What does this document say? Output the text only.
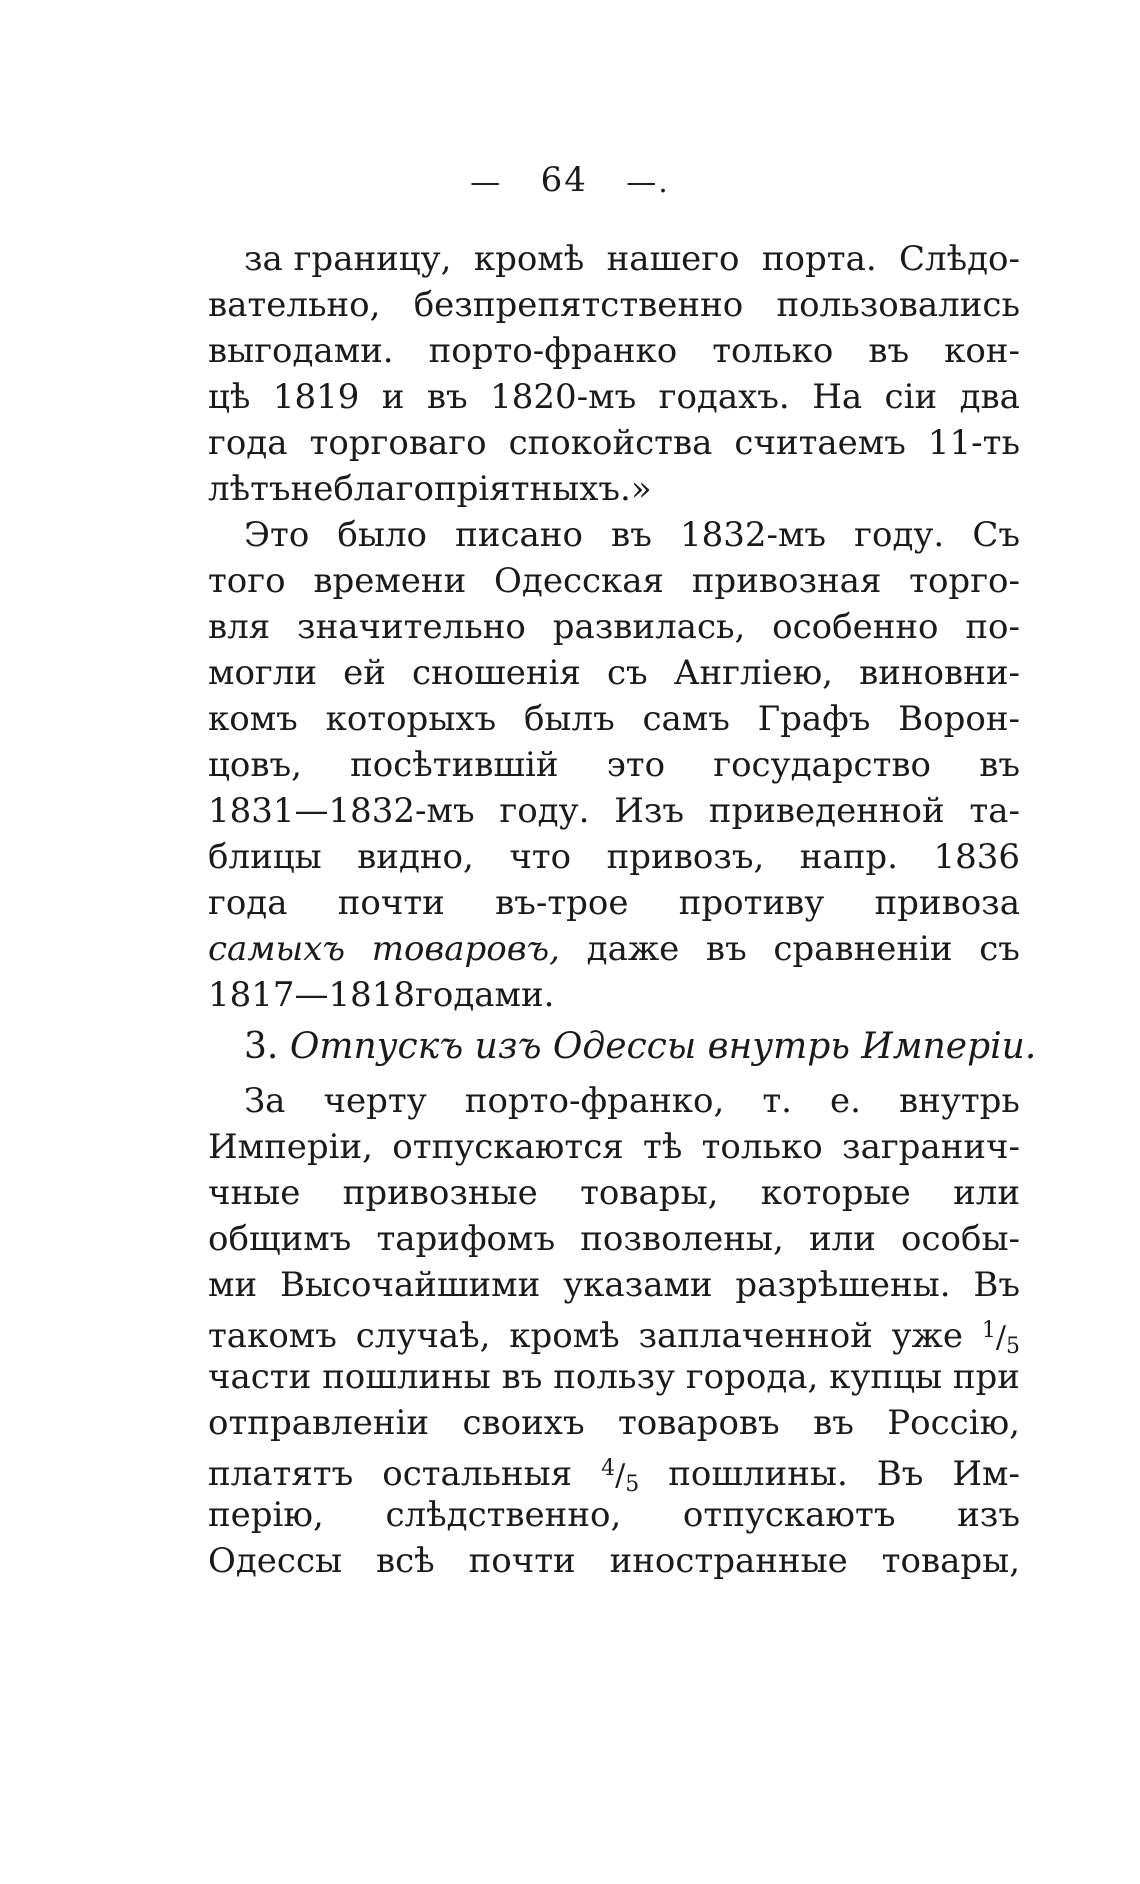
— 64 —.
за границу, кромѣ нашего порта. Слѣдо-
вательно, безпрепятственно пользовались
выгодами. порто-франко только въ кон-
цѣ 1819 и въ 1820-мъ годахъ. На сіи два
года торговаго спокойства считаемъ 11-ть
лѣтъ неблагопріятныхъ.»
Это было писано въ 1832-мъ году. Съ
того времени Одесская привозная торго-
вля значительно развилась, особенно по-
могли ей сношенія съ Англіею, виновни-
комъ которыхъ былъ самъ Графъ Ворон-
цовъ, посѣтившій это государство въ
1831—1832-мъ году. Изъ приведенной та-
блицы видно, что привозъ, напр. 1836
года почти въ-трое противу привоза
самыхъ товаровъ, даже въ сравненіи съ
1817—1818 годами.
3. Отпускъ изъ Одессы внутрь Имперіи.
За черту порто-франко, т. е. внутрь
Имперіи, отпускаются тѣ только загранич-
чные привозные товары, которые или
общимъ тарифомъ позволены, или особы-
ми Высочайшими указами разрѣшены. Въ
такомъ случаѣ, кромѣ заплаченной уже $^1/_5$
части пошлины въ пользу города, купцы при
отправленіи своихъ товаровъ въ Россію,
платятъ остальныя $^4/_5$ пошлины. Въ Им-
перію, слѣдственно, отпускаютъ изъ
Одессы всѣ почти иностранные товары,
